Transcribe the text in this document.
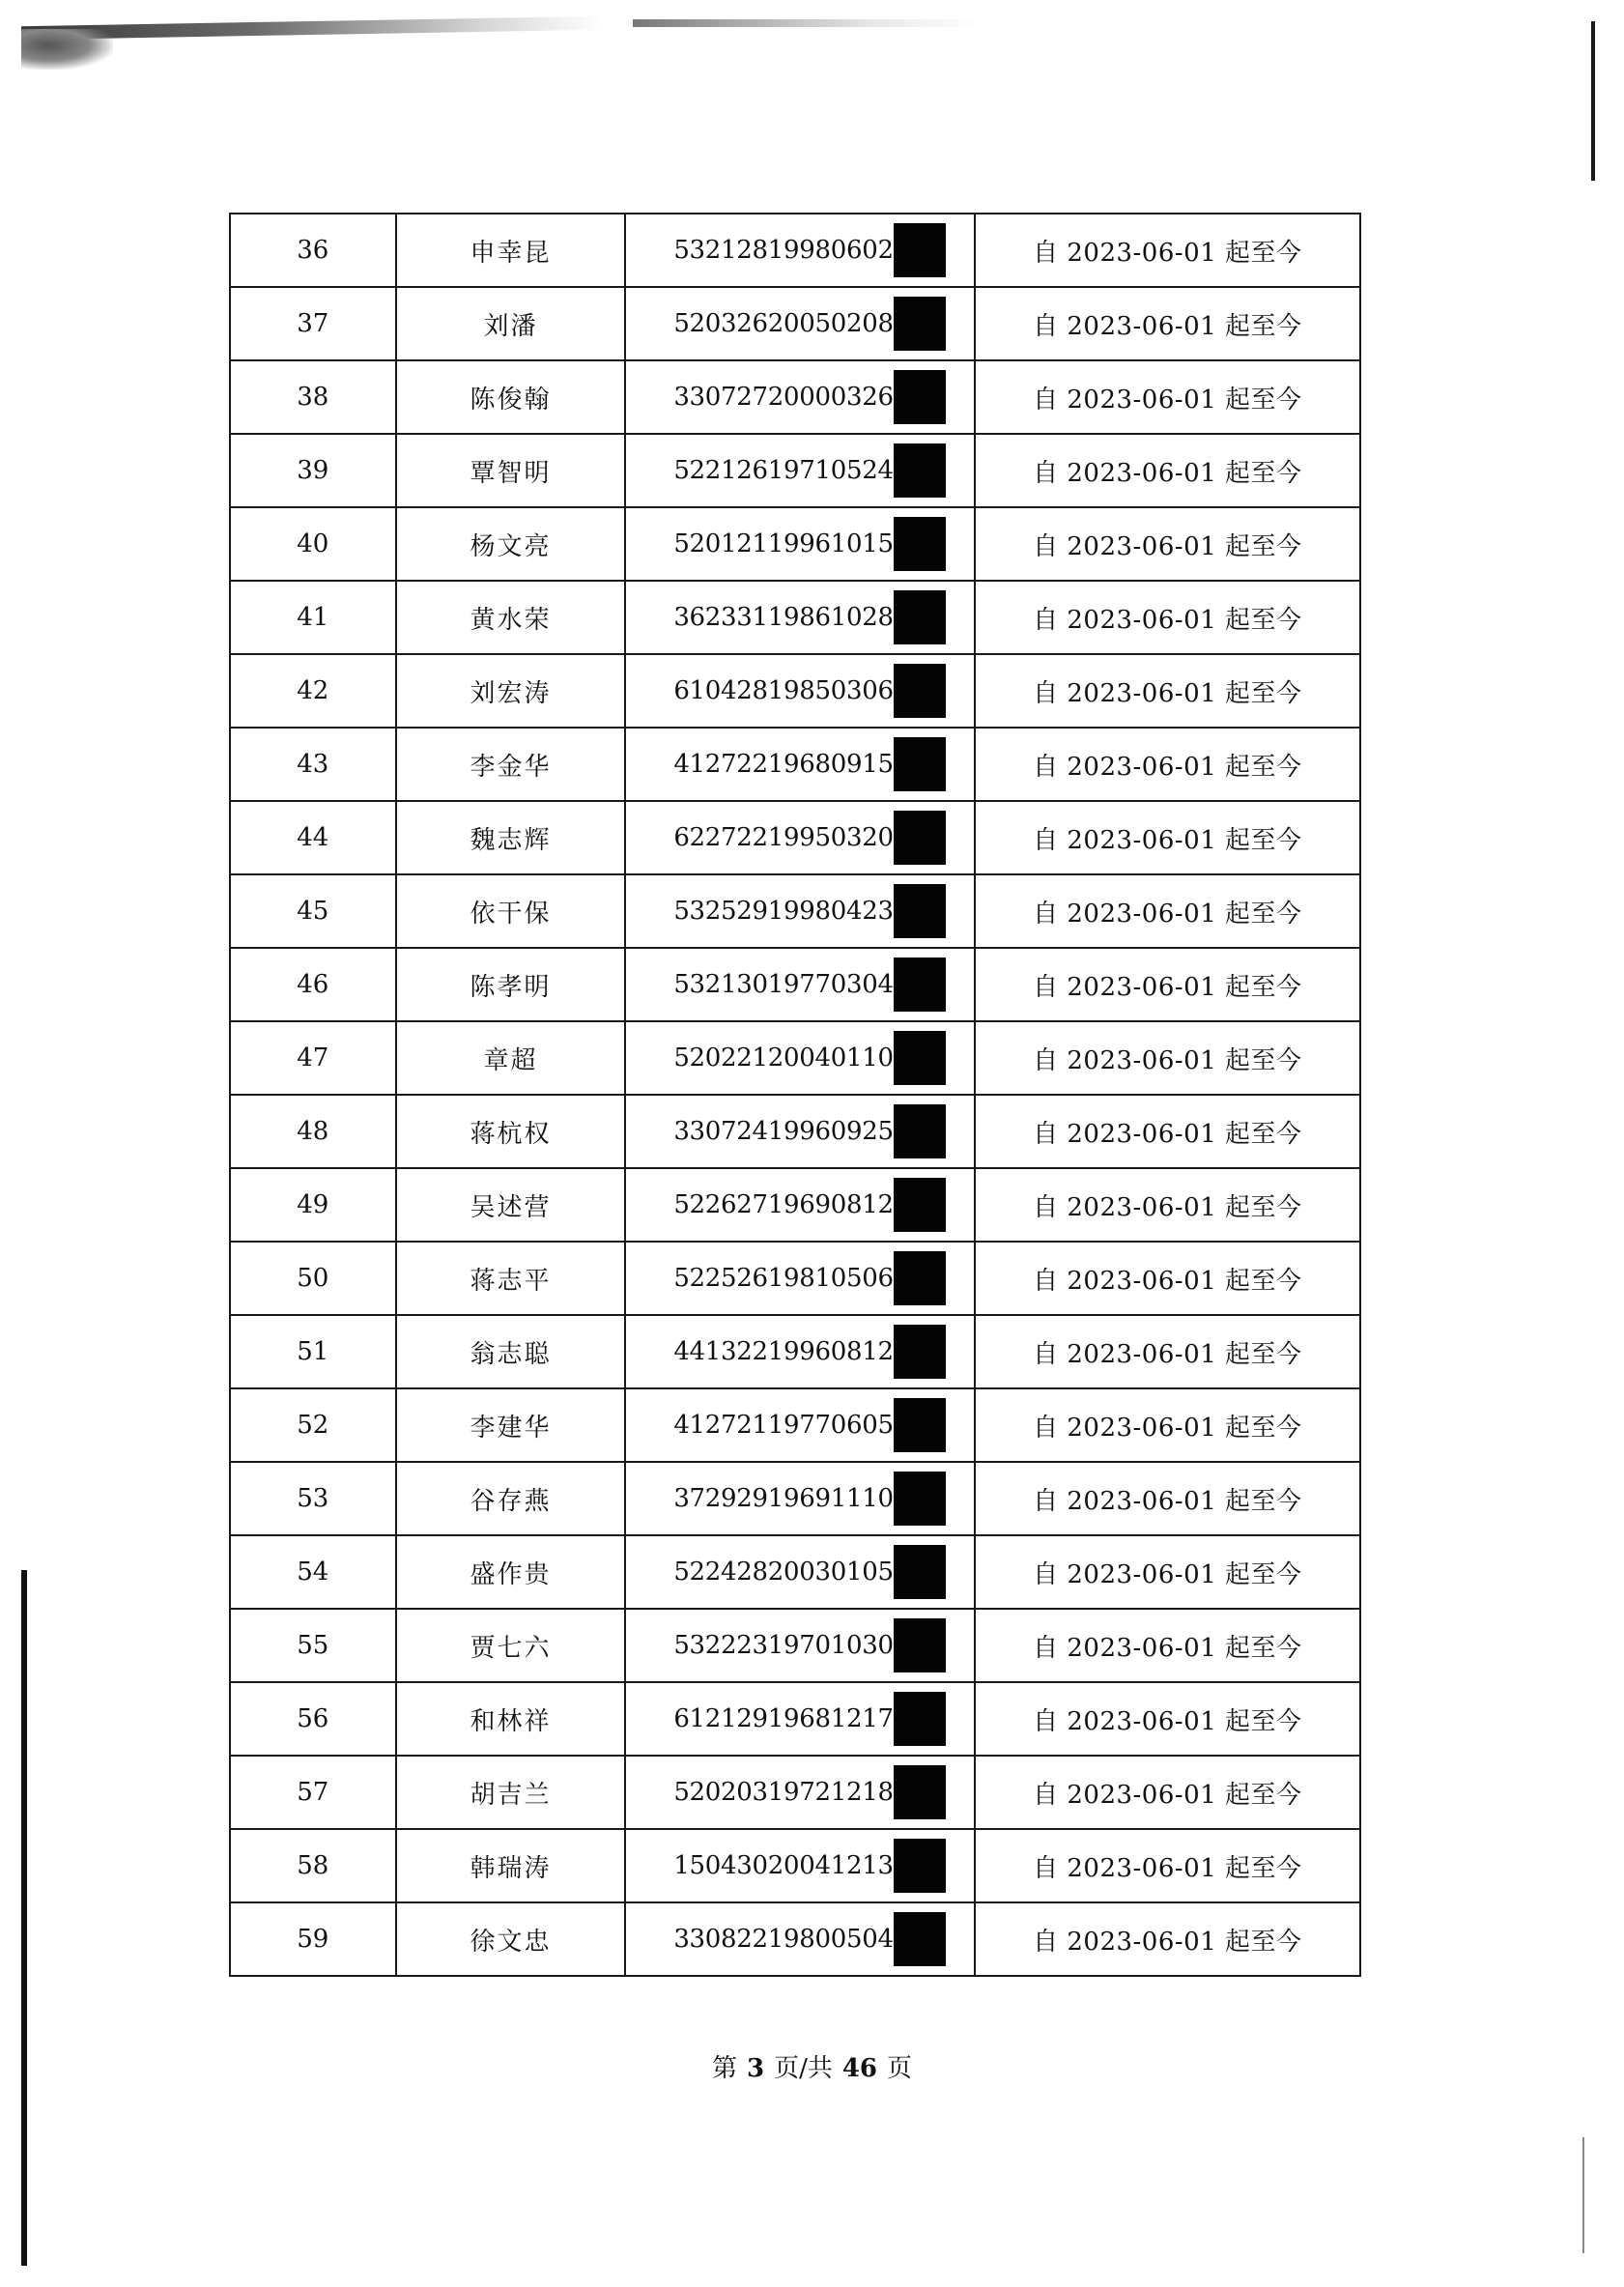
36	申幸昆	53212819980602	自 2023-06-01 起至今
37	刘潘	52032620050208	自 2023-06-01 起至今
38	陈俊翰	33072720000326	自 2023-06-01 起至今
39	覃智明	52212619710524	自 2023-06-01 起至今
40	杨文亮	52012119961015	自 2023-06-01 起至今
41	黄水荣	36233119861028	自 2023-06-01 起至今
42	刘宏涛	61042819850306	自 2023-06-01 起至今
43	李金华	41272219680915	自 2023-06-01 起至今
44	魏志辉	62272219950320	自 2023-06-01 起至今
45	依干保	53252919980423	自 2023-06-01 起至今
46	陈孝明	53213019770304	自 2023-06-01 起至今
47	章超	52022120040110	自 2023-06-01 起至今
48	蒋杭权	33072419960925	自 2023-06-01 起至今
49	吴述营	52262719690812	自 2023-06-01 起至今
50	蒋志平	52252619810506	自 2023-06-01 起至今
51	翁志聪	44132219960812	自 2023-06-01 起至今
52	李建华	41272119770605	自 2023-06-01 起至今
53	谷存燕	37292919691110	自 2023-06-01 起至今
54	盛作贵	52242820030105	自 2023-06-01 起至今
55	贾七六	53222319701030	自 2023-06-01 起至今
56	和林祥	61212919681217	自 2023-06-01 起至今
57	胡吉兰	52020319721218	自 2023-06-01 起至今
58	韩瑞涛	15043020041213	自 2023-06-01 起至今
59	徐文忠	33082219800504	自 2023-06-01 起至今
第 3 页/共 46 页
